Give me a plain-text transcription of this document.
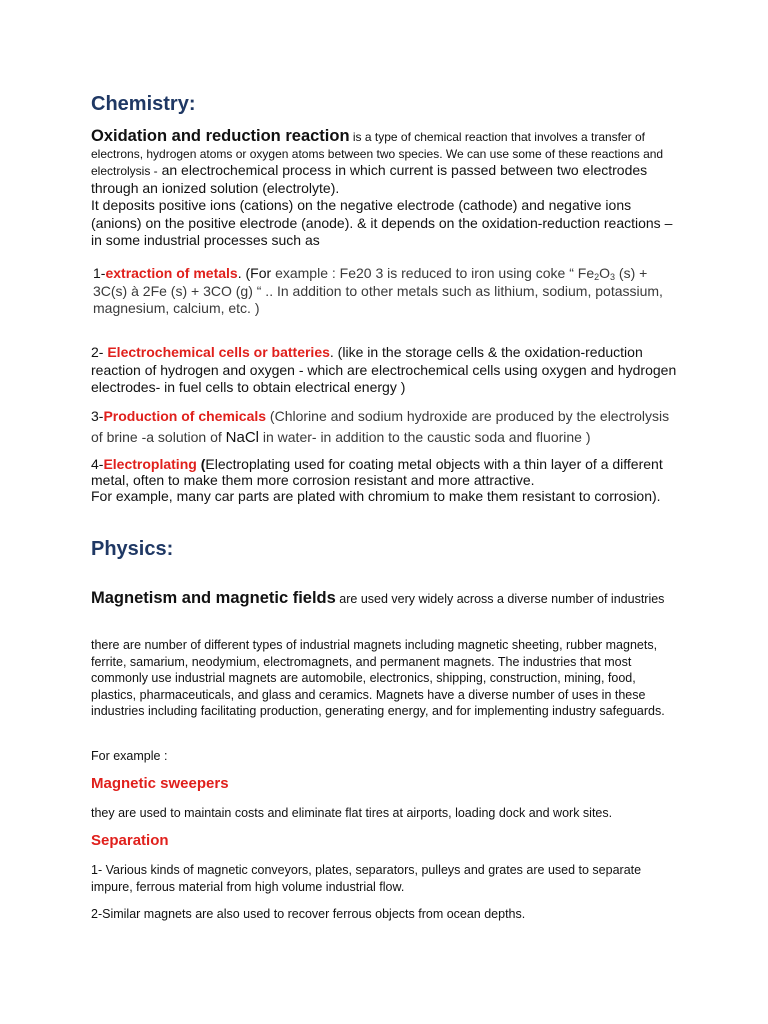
Chemistry:
Oxidation and reduction reaction is a type of chemical reaction that involves a transfer of electrons, hydrogen atoms or oxygen atoms between two species. We can use some of these reactions and electrolysis - an electrochemical process in which current is passed between two electrodes through an ionized solution (electrolyte).
It deposits positive ions (cations) on the negative electrode (cathode) and negative ions (anions) on the positive electrode (anode). & it depends on the oxidation-reduction reactions – in some industrial processes such as
1-extraction of metals. (For example : Fe20 3 is reduced to iron using coke “ $Fe_2O_3$ (s) + 3C(s) à 2Fe (s) + 3CO (g) “ .. In addition to other metals such as lithium, sodium, potassium, magnesium, calcium, etc. )
2- Electrochemical cells or batteries. (like in the storage cells & the oxidation-reduction reaction of hydrogen and oxygen - which are electrochemical cells using oxygen and hydrogen electrodes- in fuel cells to obtain electrical energy )
3-Production of chemicals (Chlorine and sodium hydroxide are produced by the electrolysis of brine -a solution of NaCl in water- in addition to the caustic soda and fluorine )
4-Electroplating (Electroplating used for coating metal objects with a thin layer of a different metal, often to make them more corrosion resistant and more attractive.
For example, many car parts are plated with chromium to make them resistant to corrosion).
Physics:
Magnetism and magnetic fields are used very widely across a diverse number of industries
there are number of different types of industrial magnets including magnetic sheeting, rubber magnets, ferrite, samarium, neodymium, electromagnets, and permanent magnets. The industries that most commonly use industrial magnets are automobile, electronics, shipping, construction, mining, food, plastics, pharmaceuticals, and glass and ceramics. Magnets have a diverse number of uses in these industries including facilitating production, generating energy, and for implementing industry safeguards.
For example :
Magnetic sweepers
they are used to maintain costs and eliminate flat tires at airports, loading dock and work sites.
Separation
1- Various kinds of magnetic conveyors, plates, separators, pulleys and grates are used to separate impure, ferrous material from high volume industrial flow.
2-Similar magnets are also used to recover ferrous objects from ocean depths.
